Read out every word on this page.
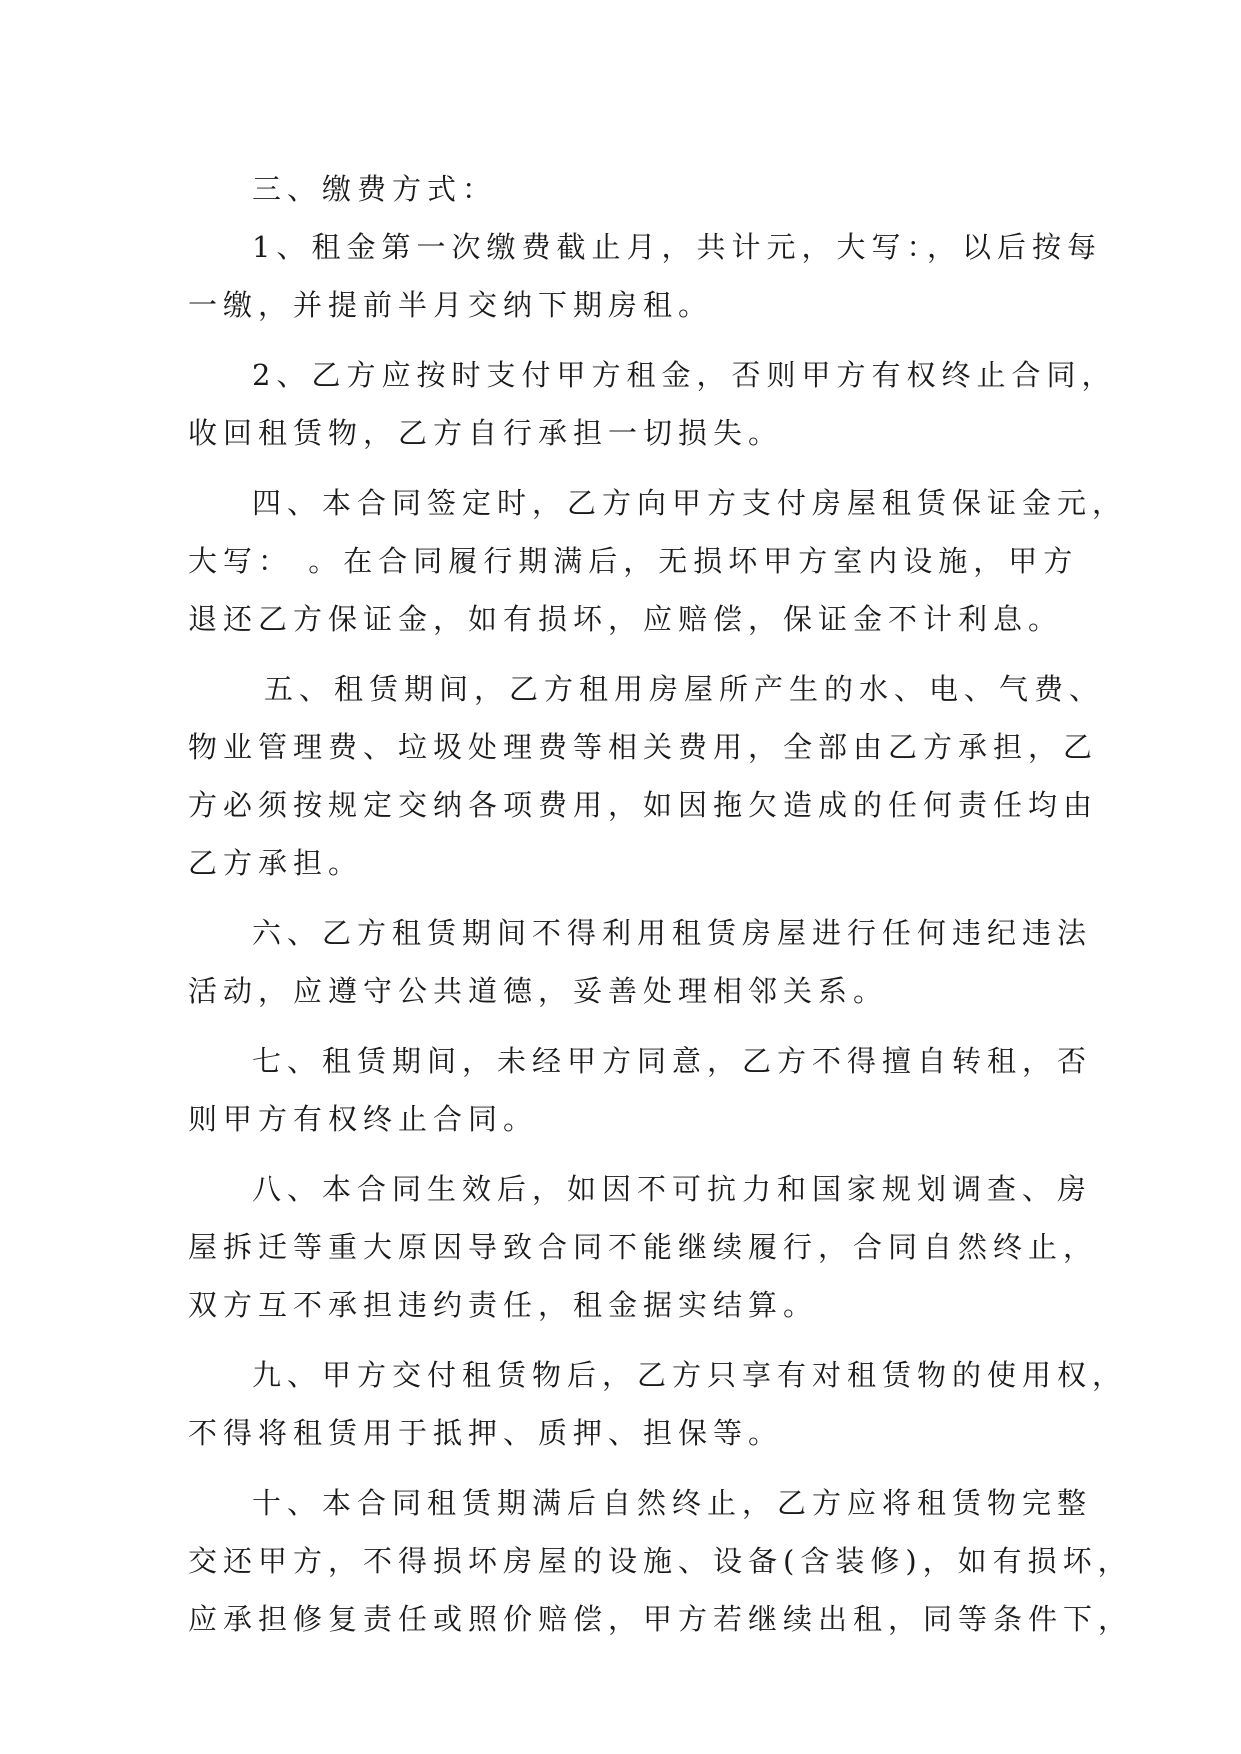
三、缴费方式：
1、租金第一次缴费截止月，共计元，大写：，以后按每
一缴，并提前半月交纳下期房租。
2、乙方应按时支付甲方租金，否则甲方有权终止合同，
收回租赁物，乙方自行承担一切损失。
四、本合同签定时，乙方向甲方支付房屋租赁保证金元，
大写： 。在合同履行期满后，无损坏甲方室内设施，甲方
退还乙方保证金，如有损坏，应赔偿，保证金不计利息。
五、租赁期间，乙方租用房屋所产生的水、电、气费、
物业管理费、垃圾处理费等相关费用，全部由乙方承担，乙
方必须按规定交纳各项费用，如因拖欠造成的任何责任均由
乙方承担。
六、乙方租赁期间不得利用租赁房屋进行任何违纪违法
活动，应遵守公共道德，妥善处理相邻关系。
七、租赁期间，未经甲方同意，乙方不得擅自转租，否
则甲方有权终止合同。
八、本合同生效后，如因不可抗力和国家规划调查、房
屋拆迁等重大原因导致合同不能继续履行，合同自然终止，
双方互不承担违约责任，租金据实结算。
九、甲方交付租赁物后，乙方只享有对租赁物的使用权，
不得将租赁用于抵押、质押、担保等。
十、本合同租赁期满后自然终止，乙方应将租赁物完整
交还甲方，不得损坏房屋的设施、设备(含装修)，如有损坏，
应承担修复责任或照价赔偿，甲方若继续出租，同等条件下，
